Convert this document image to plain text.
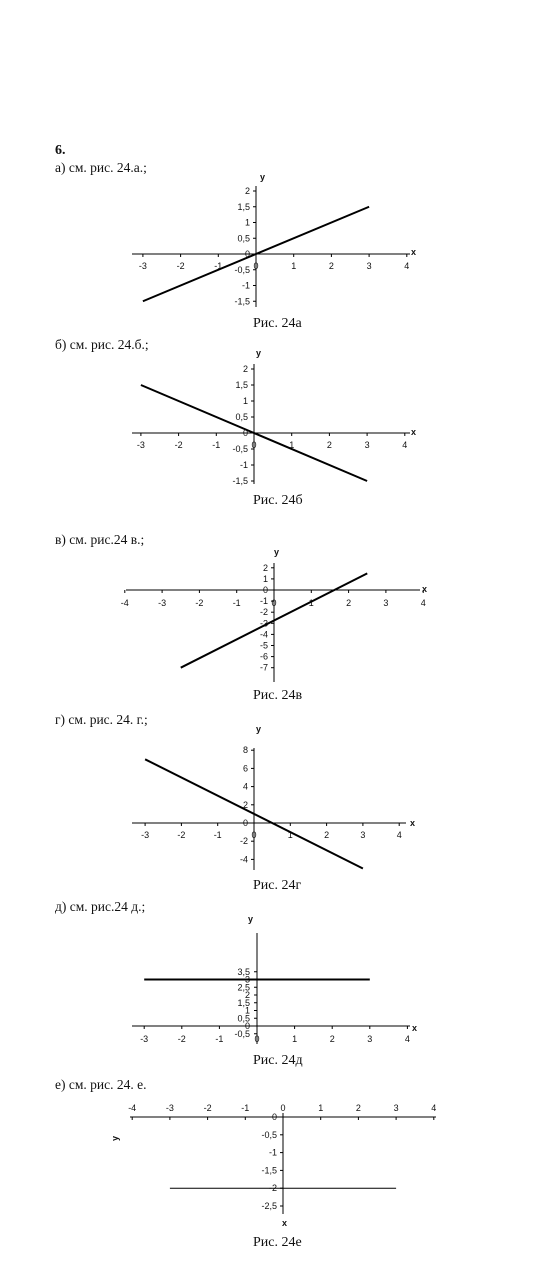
6.
а) см. рис. 24.а.;
-3	-2	-1	0	1	2	3	4
2
1,5
1
0,5
0
-0,5
-1
-1,5
x
y
-3	-2	-1	0	1	2	3	4
2
1,5
1
0,5
0
-0,5
-1
-1,5
x
y
-4	-3	-2	-1	0	1	2	3	4
2
1
0
-1
-2
-3
-4
-5
-6
-7
x
y
-3	-2	-1	0	1	2	3	4
8
6
4
2
0
-2
-4
x
y
-3	-2	-1	0	1	2	3	4
3,5
3
2,5
2
1,5
1
0,5
0
-0,5
x
y
-4	-3	-2	-1	0	1	2	3	4
0
-0,5
-1
-1,5
-2
-2,5
x
y
Рис. 24а
б) см. рис. 24.б.;
Рис. 24б
в) см. рис.24 в.;
Рис. 24в
г) см. рис. 24. г.;
Рис. 24г
д) см. рис.24 д.;
Рис. 24д
е) см. рис. 24. е.
Рис. 24е
